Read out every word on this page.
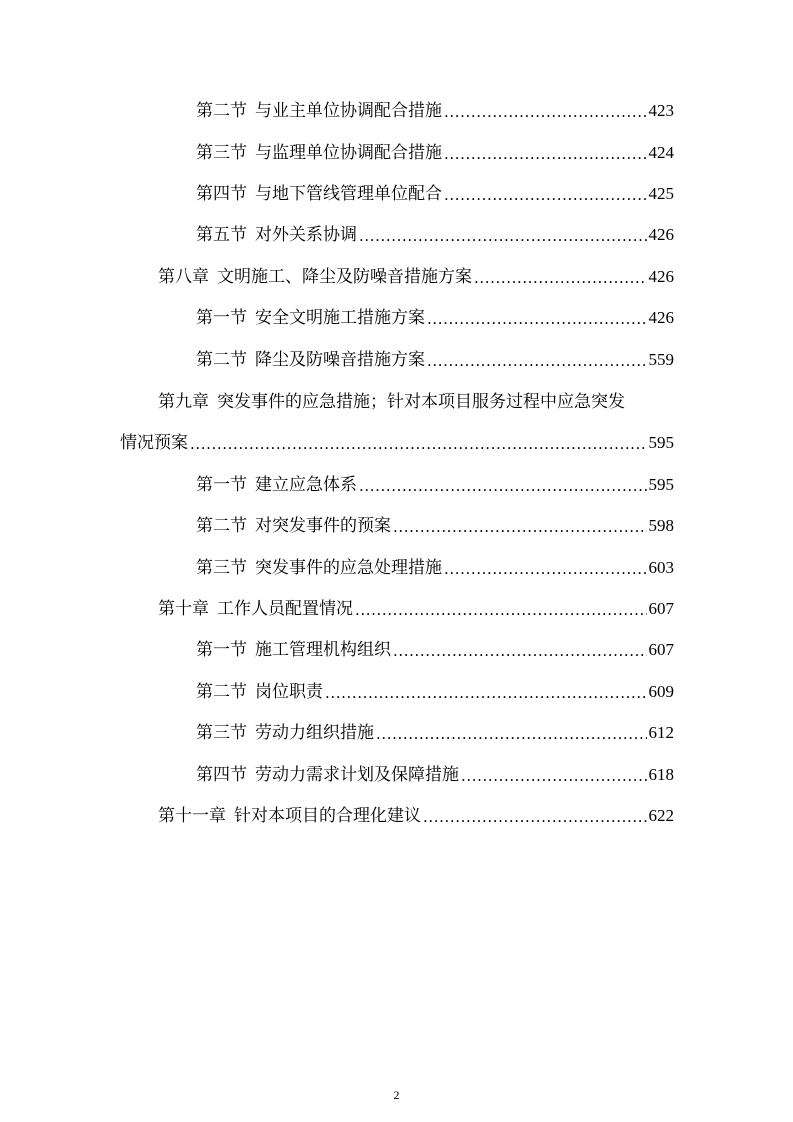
第二节 与业主单位协调配合措施 .....	423
第三节 与监理单位协调配合措施 .....	424
第四节 与地下管线管理单位配合 .....	425
第五节 对外关系协调 .....	426
第八章 文明施工、降尘及防噪音措施方案 .....	426
第一节 安全文明施工措施方案 .....	426
第二节 降尘及防噪音措施方案 .....	559
第九章 突发事件的应急措施；针对本项目服务过程中应急突发
情况预案 .....	595
第一节 建立应急体系 .....	595
第二节 对突发事件的预案 .....	598
第三节 突发事件的应急处理措施 .....	603
第十章 工作人员配置情况 .....	607
第一节 施工管理机构组织 .....	607
第二节 岗位职责 .....	609
第三节 劳动力组织措施 .....	612
第四节 劳动力需求计划及保障措施 .....	618
第十一章 针对本项目的合理化建议 .....	622
2
